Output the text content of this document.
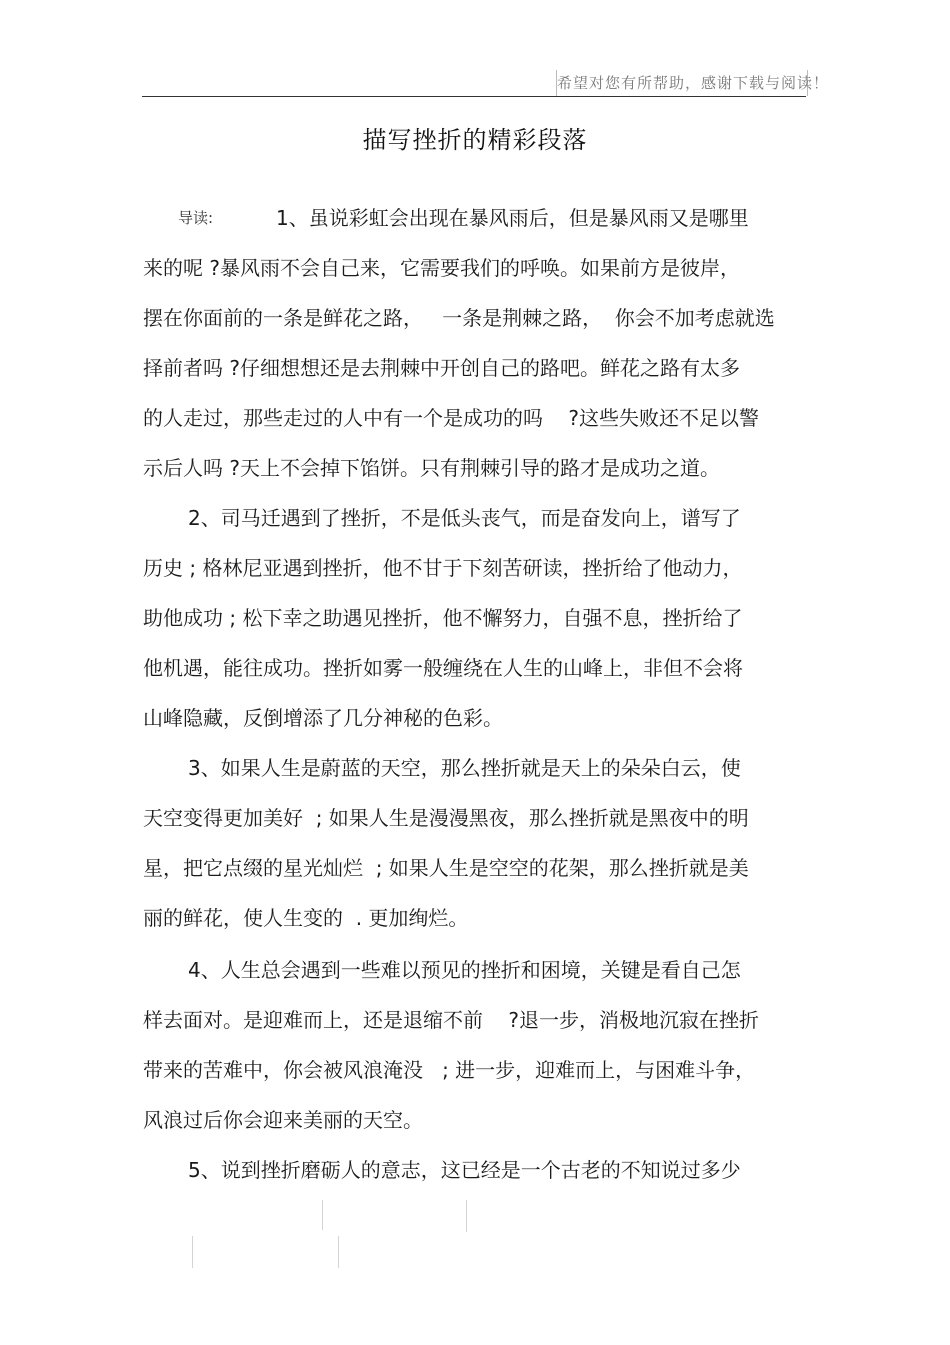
希望对您有所帮助，感谢下载与阅读！
描写挫折的精彩段落
导读:	1、虽说彩虹会出现在暴风雨后，但是暴风雨又是哪里
来的呢 ?暴风雨不会自己来，它需要我们的呼唤。如果前方是彼岸，
摆在你面前的一条是鲜花之路，   一条是荆棘之路，  你会不加考虑就选
择前者吗 ?仔细想想还是去荆棘中开创自己的路吧。鲜花之路有太多
的人走过，那些走过的人中有一个是成功的吗    ?这些失败还不足以警
示后人吗 ?天上不会掉下馅饼。只有荆棘引导的路才是成功之道。
2、司马迁遇到了挫折，不是低头丧气，而是奋发向上，谱写了
历史 ; 格林尼亚遇到挫折，他不甘于下刻苦研读，挫折给了他动力，
助他成功 ; 松下幸之助遇见挫折，他不懈努力，自强不息，挫折给了
他机遇，能往成功。挫折如雾一般缠绕在人生的山峰上，非但不会将
山峰隐藏，反倒增添了几分神秘的色彩。
3、如果人生是蔚蓝的天空，那么挫折就是天上的朵朵白云，使
天空变得更加美好  ; 如果人生是漫漫黑夜，那么挫折就是黑夜中的明
星，把它点缀的星光灿烂  ; 如果人生是空空的花架，那么挫折就是美
丽的鲜花，使人生变的  . 更加绚烂。
4、人生总会遇到一些难以预见的挫折和困境，关键是看自己怎
样去面对。是迎难而上，还是退缩不前    ?退一步，消极地沉寂在挫折
带来的苦难中，你会被风浪淹没   ; 进一步，迎难而上，与困难斗争，
风浪过后你会迎来美丽的天空。
5、说到挫折磨砺人的意志，这已经是一个古老的不知说过多少
